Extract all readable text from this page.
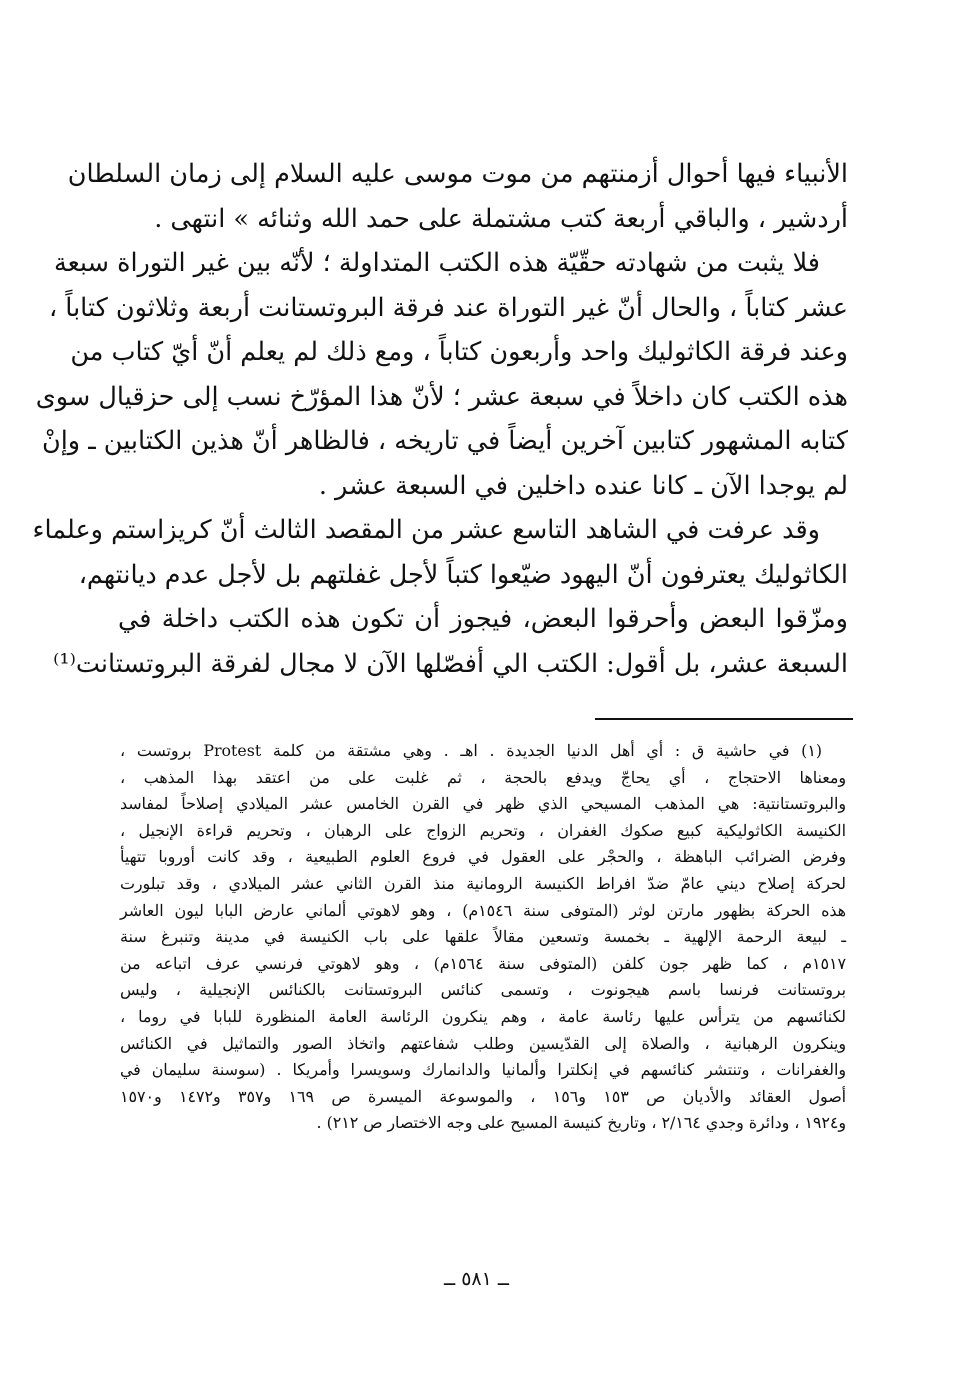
الأنبياء فيها أحوال أزمنتهم من موت موسى عليه السلام إلى زمان السلطان
أردشير ، والباقي أربعة كتب مشتملة على حمد الله وثنائه » انتهى .
فلا يثبت من شهادته حقّيّة هذه الكتب المتداولة ؛ لأنّه بين غير التوراة سبعة
عشر كتاباً ، والحال أنّ غير التوراة عند فرقة البروتستانت أربعة وثلاثون كتاباً ،
وعند فرقة الكاثوليك واحد وأربعون كتاباً ، ومع ذلك لم يعلم أنّ أيّ كتاب من
هذه الكتب كان داخلاً في سبعة عشر ؛ لأنّ هذا المؤرّخ نسب إلى حزقيال سوى
كتابه المشهور كتابين آخرين أيضاً في تاريخه ، فالظاهر أنّ هذين الكتابين ـ وإنْ
لم يوجدا الآن ـ كانا عنده داخلين في السبعة عشر .
وقد عرفت في الشاهد التاسع عشر من المقصد الثالث أنّ كريزاستم وعلماء
الكاثوليك يعترفون أنّ اليهود ضيّعوا كتباً لأجل غفلتهم بل لأجل عدم ديانتهم،
ومزّقوا البعض وأحرقوا البعض، فيجوز أن تكون هذه الكتب داخلة في
السبعة عشر، بل أقول: الكتب الي أفصّلها الآن لا مجال لفرقة البروتستانت⁽¹⁾
(١) في حاشية ق : أي أهل الدنيا الجديدة . اهـ . وهي مشتقة من كلمة Protest بروتست ،
ومعناها الاحتجاج ، أي يحاجّ ويدفع بالحجة ، ثم غلبت على من اعتقد بهذا المذهب ،
والبروتستانتية: هي المذهب المسيحي الذي ظهر في القرن الخامس عشر الميلادي إصلاحاً لمفاسد
الكنيسة الكاثوليكية كبيع صكوك الغفران ، وتحريم الزواج على الرهبان ، وتحريم قراءة الإنجيل ،
وفرض الضرائب الباهظة ، والحجْر على العقول في فروع العلوم الطبيعية ، وقد كانت أوروبا تتهيأ
لحركة إصلاح ديني عامّ ضدّ افراط الكنيسة الرومانية منذ القرن الثاني عشر الميلادي ، وقد تبلورت
هذه الحركة بظهور مارتن لوثر (المتوفى سنة ١٥٤٦م) ، وهو لاهوتي ألماني عارض البابا ليون العاشر
ـ لبيعة الرحمة الإلهية ـ بخمسة وتسعين مقالاً علقها على باب الكنيسة في مدينة وتنبرغ سنة
١٥١٧م ، كما ظهر جون كلفن (المتوفى سنة ١٥٦٤م) ، وهو لاهوتي فرنسي عرف اتباعه من
بروتستانت فرنسا باسم هيجونوت ، وتسمى كنائس البروتستانت بالكنائس الإنجيلية ، وليس
لكنائسهم من يترأس عليها رئاسة عامة ، وهم ينكرون الرئاسة العامة المنظورة للبابا في روما ،
وينكرون الرهبانية ، والصلاة إلى القدّيسين وطلب شفاعتهم واتخاذ الصور والتماثيل في الكنائس
والغفرانات ، وتنتشر كنائسهم في إنكلترا وألمانيا والدانمارك وسويسرا وأمريكا . (سوسنة سليمان في
أصول العقائد والأديان ص ١٥٣ و١٥٦ ، والموسوعة الميسرة ص ١٦٩ و٣٥٧ و١٤٧٢ و١٥٧٠
و١٩٢٤ ، ودائرة وجدي ٢/١٦٤ ، وتاريخ كنيسة المسيح على وجه الاختصار ص ٢١٢) .
ــ ٥٨١ ــ
